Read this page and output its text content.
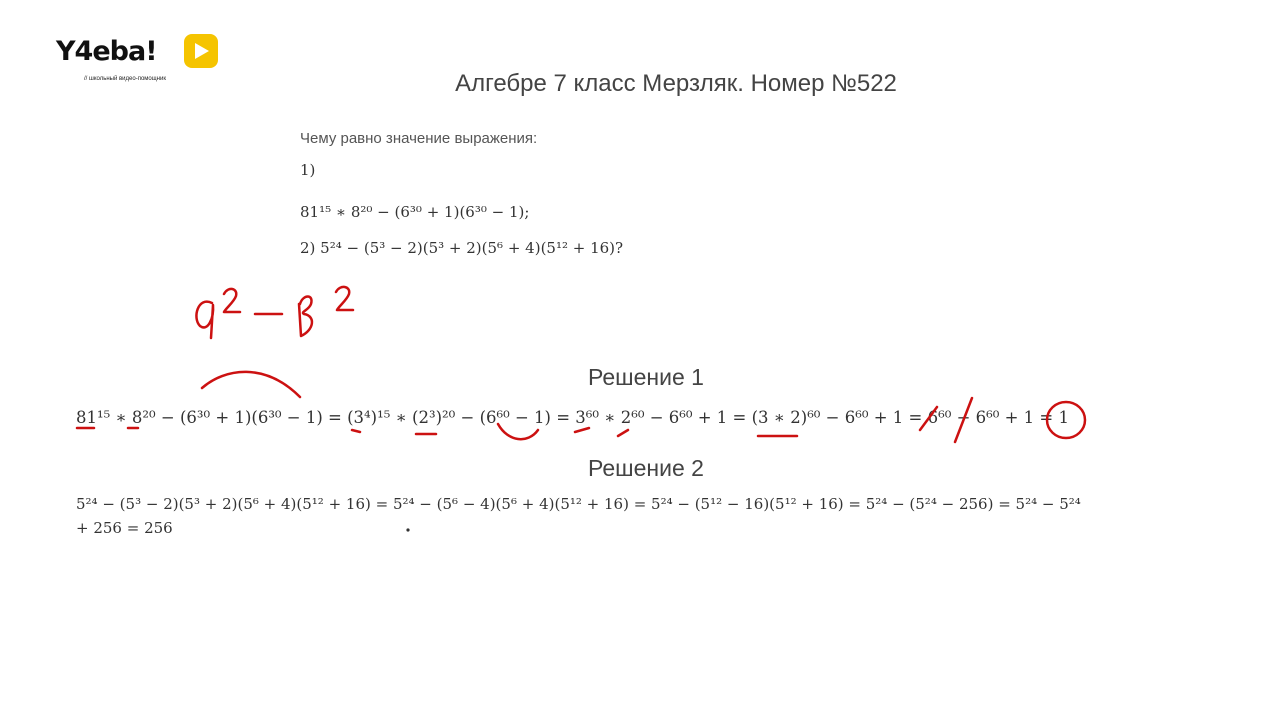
Y4eba!
// школьный видео-помощник	Алгебре 7 класс Мерзляк. Номер №522
Чему равно значение выражения:
1)
81¹⁵ ∗ 8²⁰ − (6³⁰ + 1)(6³⁰ − 1);
2) 5²⁴ − (5³ − 2)(5³ + 2)(5⁶ + 4)(5¹² + 16)?
Решение 1
81¹⁵ ∗ 8²⁰ − (6³⁰ + 1)(6³⁰ − 1) = (3⁴)¹⁵ ∗ (2³)²⁰ − (6⁶⁰ − 1) = 3⁶⁰ ∗ 2⁶⁰ − 6⁶⁰ + 1 = (3 ∗ 2)⁶⁰ − 6⁶⁰ + 1 = 6⁶⁰ − 6⁶⁰ + 1 = 1
Решение 2
5²⁴ − (5³ − 2)(5³ + 2)(5⁶ + 4)(5¹² + 16) = 5²⁴ − (5⁶ − 4)(5⁶ + 4)(5¹² + 16) = 5²⁴ − (5¹² − 16)(5¹² + 16) = 5²⁴ − (5²⁴ − 256) = 5²⁴ − 5²⁴
+ 256 = 256
